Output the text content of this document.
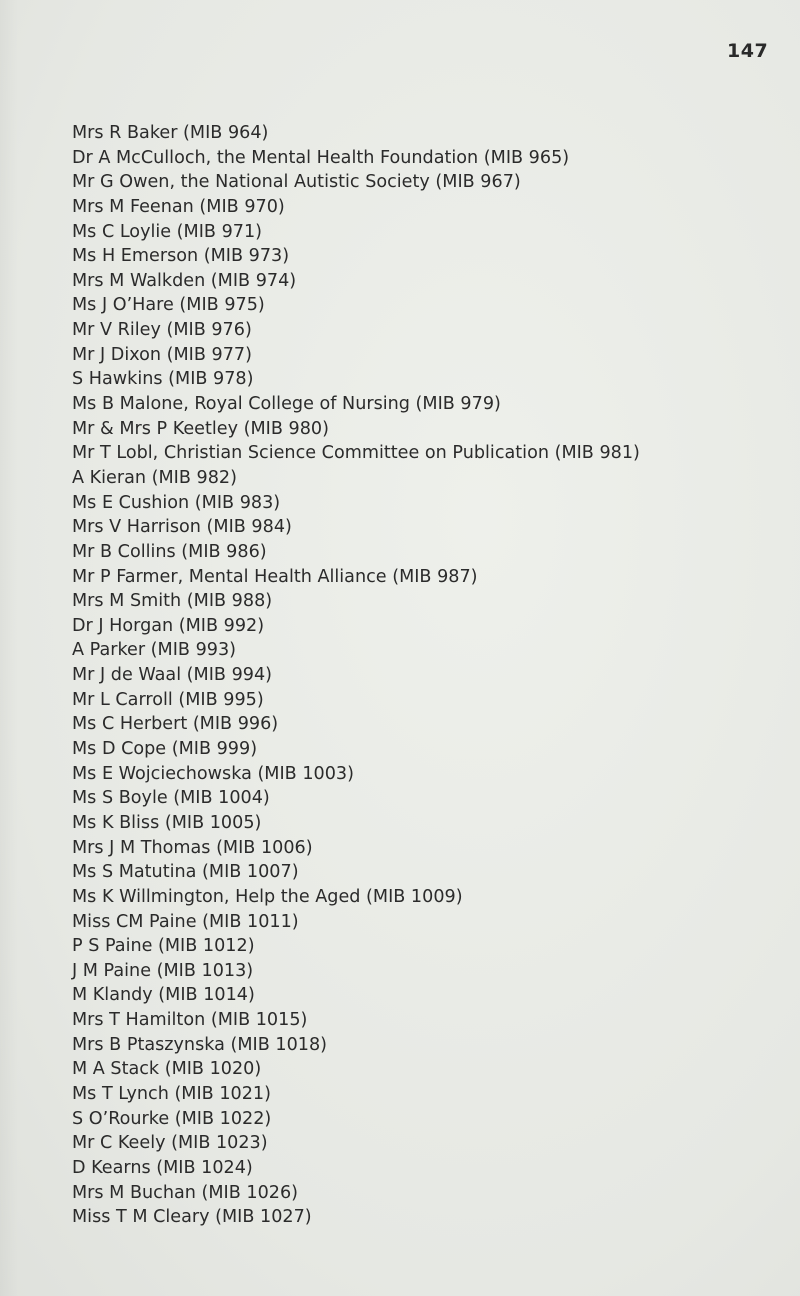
147
Mrs R Baker (MIB 964)
Dr A McCulloch, the Mental Health Foundation (MIB 965)
Mr G Owen, the National Autistic Society (MIB 967)
Mrs M Feenan (MIB 970)
Ms C Loylie (MIB 971)
Ms H Emerson (MIB 973)
Mrs M Walkden (MIB 974)
Ms J O’Hare (MIB 975)
Mr V Riley (MIB 976)
Mr J Dixon (MIB 977)
S Hawkins (MIB 978)
Ms B Malone, Royal College of Nursing (MIB 979)
Mr & Mrs P Keetley (MIB 980)
Mr T Lobl, Christian Science Committee on Publication (MIB 981)
A Kieran (MIB 982)
Ms E Cushion (MIB 983)
Mrs V Harrison (MIB 984)
Mr B Collins (MIB 986)
Mr P Farmer, Mental Health Alliance (MIB 987)
Mrs M Smith (MIB 988)
Dr J Horgan (MIB 992)
A Parker (MIB 993)
Mr J de Waal (MIB 994)
Mr L Carroll (MIB 995)
Ms C Herbert (MIB 996)
Ms D Cope (MIB 999)
Ms E Wojciechowska (MIB 1003)
Ms S Boyle (MIB 1004)
Ms K Bliss (MIB 1005)
Mrs J M Thomas (MIB 1006)
Ms S Matutina (MIB 1007)
Ms K Willmington, Help the Aged (MIB 1009)
Miss CM Paine (MIB 1011)
P S Paine (MIB 1012)
J M Paine (MIB 1013)
M Klandy (MIB 1014)
Mrs T Hamilton (MIB 1015)
Mrs B Ptaszynska (MIB 1018)
M A Stack (MIB 1020)
Ms T Lynch (MIB 1021)
S O’Rourke (MIB 1022)
Mr C Keely (MIB 1023)
D Kearns (MIB 1024)
Mrs M Buchan (MIB 1026)
Miss T M Cleary (MIB 1027)
